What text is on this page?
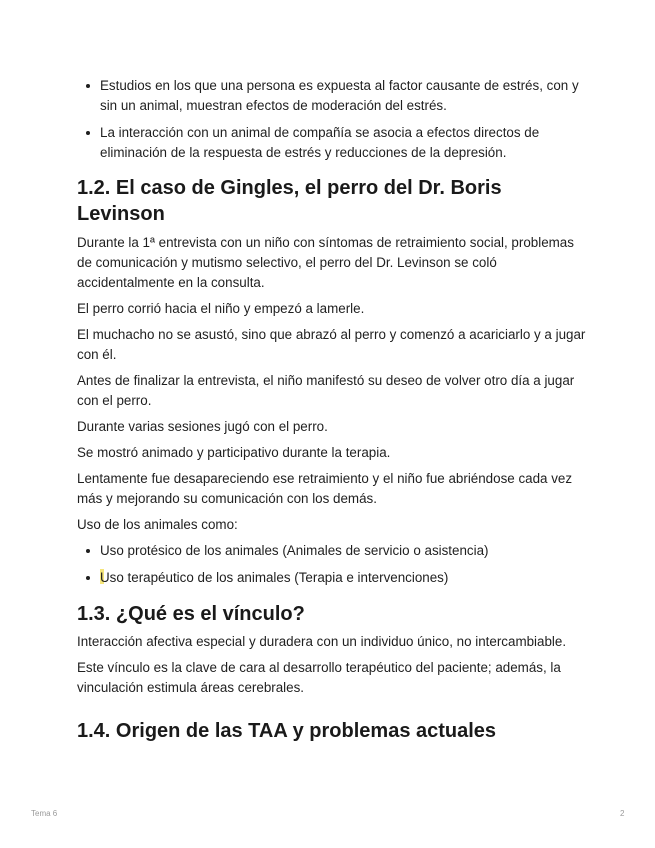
Estudios en los que una persona es expuesta al factor causante de estrés, con y sin un animal, muestran efectos de moderación del estrés.
La interacción con un animal de compañía se asocia a efectos directos de eliminación de la respuesta de estrés y reducciones de la depresión.
1.2. El caso de Gingles, el perro del Dr. Boris Levinson

Durante la 1ª entrevista con un niño con síntomas de retraimiento social, problemas de comunicación y mutismo selectivo, el perro del Dr. Levinson se coló accidentalmente en la consulta.

El perro corrió hacia el niño y empezó a lamerle.

El muchacho no se asustó, sino que abrazó al perro y comenzó a acariciarlo y a jugar con él.

Antes de finalizar la entrevista, el niño manifestó su deseo de volver otro día a jugar con el perro.

Durante varias sesiones jugó con el perro.

Se mostró animado y participativo durante la terapia.

Lentamente fue desapareciendo ese retraimiento y el niño fue abriéndose cada vez más y mejorando su comunicación con los demás.

Uso de los animales como:

Uso protésico de los animales (Animales de servicio o asistencia)
Uso terapéutico de los animales (Terapia e intervenciones)
1.3. ¿Qué es el vínculo?

Interacción afectiva especial y duradera con un individuo único, no intercambiable.

Este vínculo es la clave de cara al desarrollo terapéutico del paciente; además, la vinculación estimula áreas cerebrales.

1.4. Origen de las TAA y problemas actuales
Tema 6	2
